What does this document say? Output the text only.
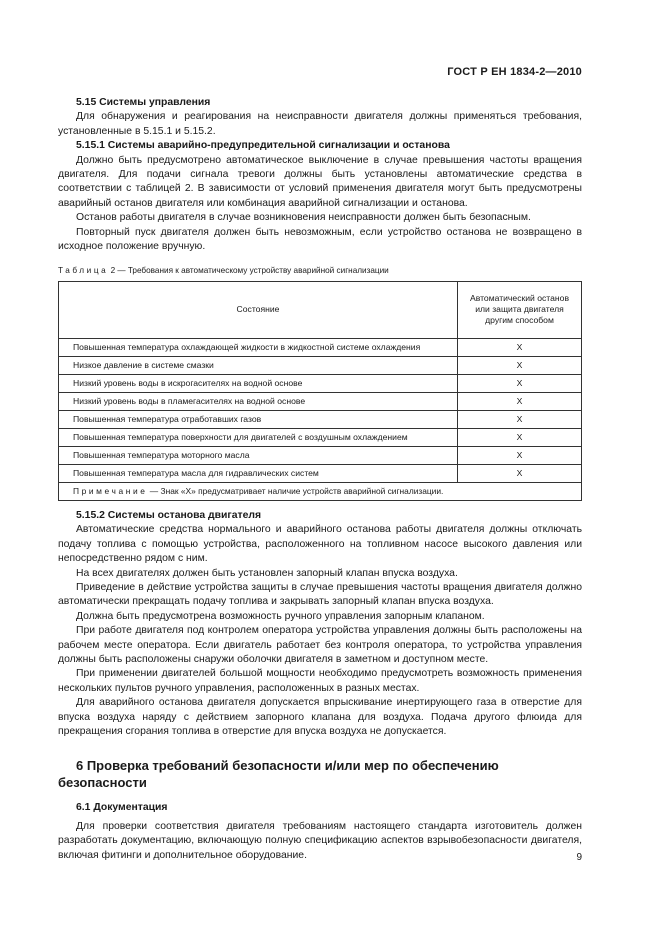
ГОСТ Р ЕН 1834-2—2010

5.15 Системы управления

Для обнаружения и реагирования на неисправности двигателя должны применяться требования, установленные в 5.15.1 и 5.15.2.

5.15.1 Системы аварийно-предупредительной сигнализации и останова

Должно быть предусмотрено автоматическое выключение в случае превышения частоты вращения двигателя. Для подачи сигнала тревоги должны быть установлены автоматические средства в соответствии с таблицей 2. В зависимости от условий применения двигателя могут быть предусмотрены аварийный останов двигателя или комбинация аварийной сигнализации и останова.

Останов работы двигателя в случае возникновения неисправности должен быть безопасным.

Повторный пуск двигателя должен быть невозможным, если устройство останова не возвращено в исходное положение вручную.

Таблица 2 — Требования к автоматическому устройству аварийной сигнализации
Состояние	Автоматический останов или защита двигателя другим способом
Повышенная температура охлаждающей жидкости в жидкостной системе охлаждения	Х
Низкое давление в системе смазки	Х
Низкий уровень воды в искрогасителях на водной основе	Х
Низкий уровень воды в пламегасителях на водной основе	Х
Повышенная температура отработавших газов	Х
Повышенная температура поверхности для двигателей с воздушным охлаждением	Х
Повышенная температура моторного масла	Х
Повышенная температура масла для гидравлических систем	Х
Примечание — Знак «Х» предусматривает наличие устройств аварийной сигнализации.	

5.15.2 Системы останова двигателя

Автоматические средства нормального и аварийного останова работы двигателя должны отключать подачу топлива с помощью устройства, расположенного на топливном насосе высокого давления или непосредственно рядом с ним.

На всех двигателях должен быть установлен запорный клапан впуска воздуха.

Приведение в действие устройства защиты в случае превышения частоты вращения двигателя должно автоматически прекращать подачу топлива и закрывать запорный клапан впуска воздуха.

Должна быть предусмотрена возможность ручного управления запорным клапаном.

При работе двигателя под контролем оператора устройства управления должны быть расположены на рабочем месте оператора. Если двигатель работает без контроля оператора, то устройства управления должны быть расположены снаружи оболочки двигателя в заметном и доступном месте.

При применении двигателей большой мощности необходимо предусмотреть возможность применения нескольких пультов ручного управления, расположенных в разных местах.

Для аварийного останова двигателя допускается впрыскивание инертирующего газа в отверстие для впуска воздуха наряду с действием запорного клапана для воздуха. Подача другого флюида для прекращения сгорания топлива в отверстие для впуска воздуха не допускается.

6 Проверка требований безопасности и/или мер по обеспечению безопасности

6.1 Документация

Для проверки соответствия двигателя требованиям настоящего стандарта изготовитель должен разработать документацию, включающую полную спецификацию аспектов взрывобезопасности двигателя, включая фитинги и дополнительное оборудование.	9
